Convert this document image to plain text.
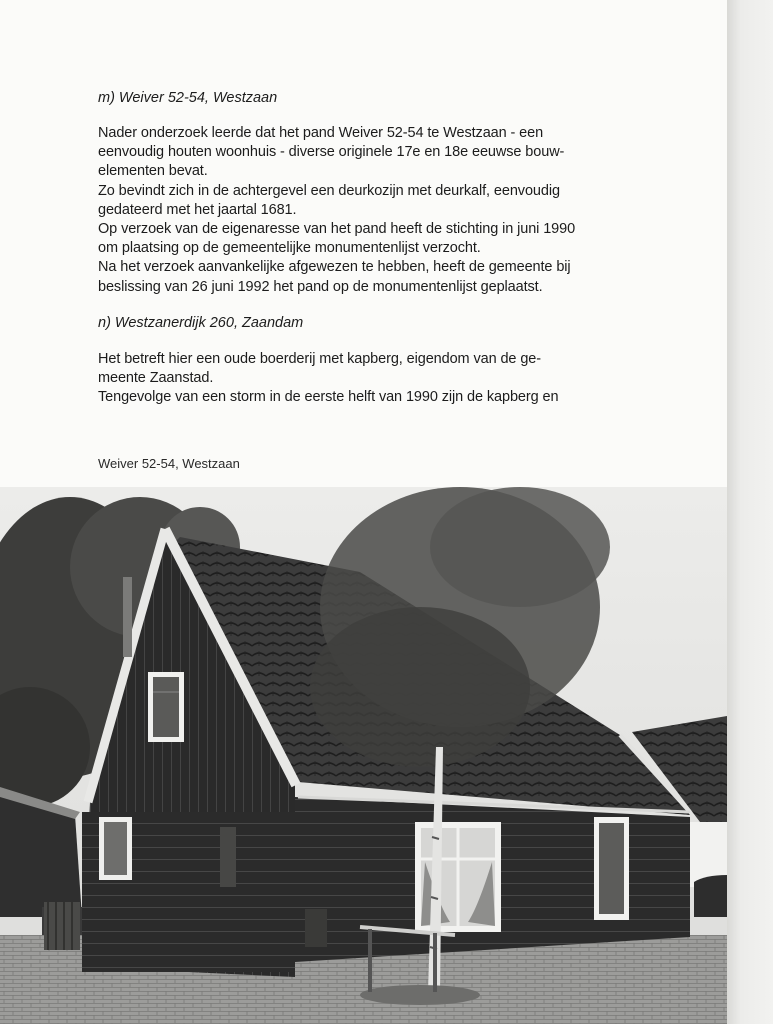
m) Weiver 52-54, Westzaan

Nader onderzoek leerde dat het pand Weiver 52-54 te Westzaan - een
eenvoudig houten woonhuis - diverse originele 17e en 18e eeuwse bouw-
elementen bevat.
Zo bevindt zich in de achtergevel een deurkozijn met deurkalf, eenvoudig
gedateerd met het jaartal 1681.
Op verzoek van de eigenaresse van het pand heeft de stichting in juni 1990
om plaatsing op de gemeentelijke monumentenlijst verzocht.
Na het verzoek aanvankelijke afgewezen te hebben, heeft de gemeente bij
beslissing van 26 juni 1992 het pand op de monumentenlijst geplaatst.

n) Westzanerdijk 260, Zaandam

Het betreft hier een oude boerderij met kapberg, eigendom van de ge-
meente Zaanstad.
Tengevolge van een storm in de eerste helft van 1990 zijn de kapberg en
Weiver 52-54, Westzaan
